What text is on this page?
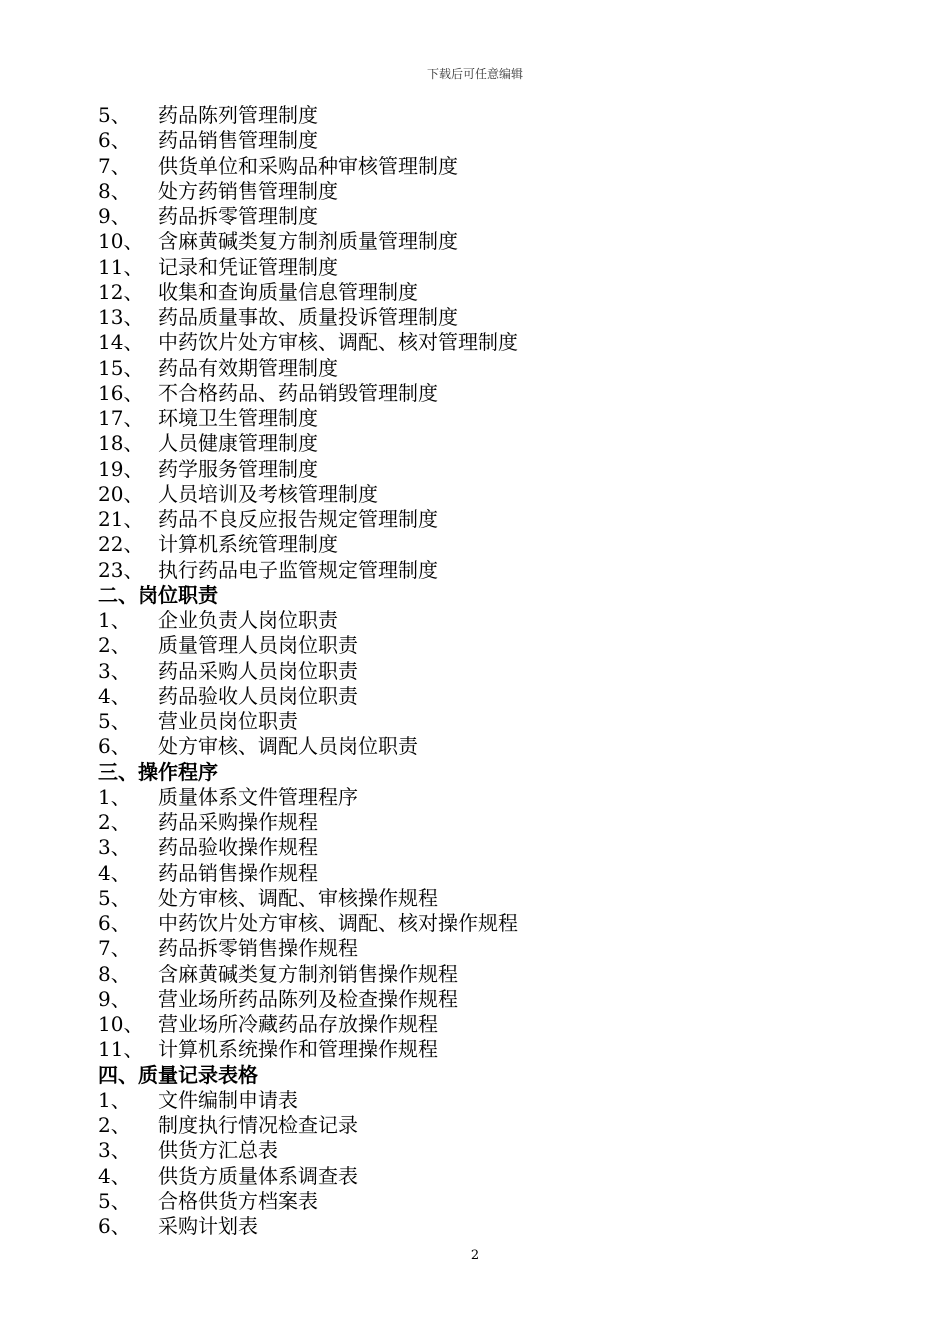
下载后可任意编辑
5、	药品陈列管理制度
6、	药品销售管理制度
7、	供货单位和采购品种审核管理制度
8、	处方药销售管理制度
9、	药品拆零管理制度
10、 含麻黄碱类复方制剂质量管理制度
11、 记录和凭证管理制度
12、 收集和查询质量信息管理制度
13、 药品质量事故、质量投诉管理制度
14、 中药饮片处方审核、调配、核对管理制度
15、 药品有效期管理制度
16、 不合格药品、药品销毁管理制度
17、 环境卫生管理制度
18、 人员健康管理制度
19、 药学服务管理制度
20、 人员培训及考核管理制度
21、 药品不良反应报告规定管理制度
22、 计算机系统管理制度
23、 执行药品电子监管规定管理制度
二、岗位职责
1、	企业负责人岗位职责
2、	质量管理人员岗位职责
3、	药品采购人员岗位职责
4、	药品验收人员岗位职责
5、	营业员岗位职责
6、	处方审核、调配人员岗位职责
三、操作程序
1、	质量体系文件管理程序
2、	药品采购操作规程
3、	药品验收操作规程
4、	药品销售操作规程
5、	处方审核、调配、审核操作规程
6、	中药饮片处方审核、调配、核对操作规程
7、	药品拆零销售操作规程
8、	含麻黄碱类复方制剂销售操作规程
9、	营业场所药品陈列及检查操作规程
10、 营业场所冷藏药品存放操作规程
11、 计算机系统操作和管理操作规程
四、质量记录表格
1、	文件编制申请表
2、	制度执行情况检查记录
3、	供货方汇总表
4、	供货方质量体系调查表
5、	合格供货方档案表
6、	采购计划表
2
